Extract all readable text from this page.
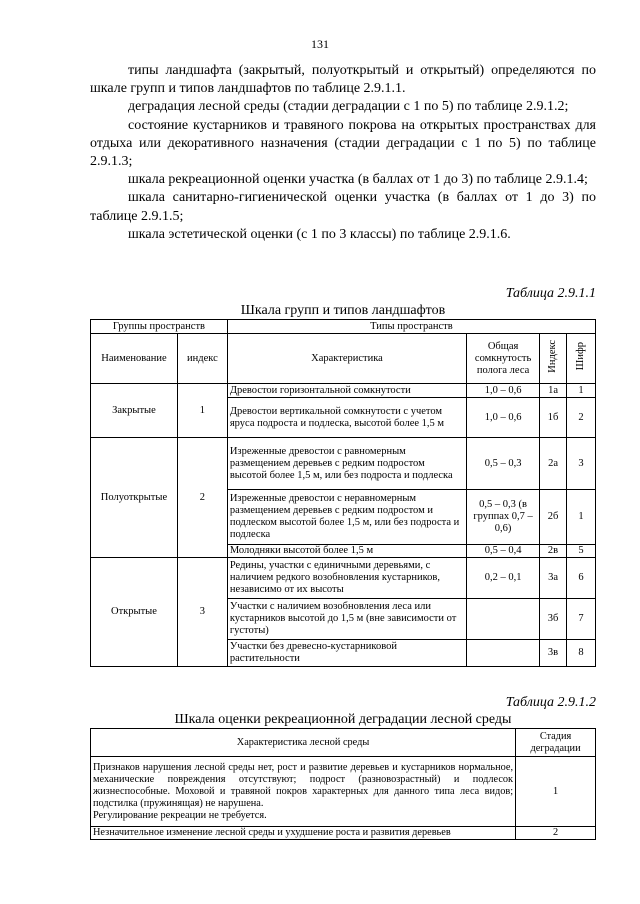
131

типы ландшафта (закрытый, полуоткрытый и открытый) определяются по шкале групп и типов ландшафтов по таблице 2.9.1.1.

деградация лесной среды (стадии деградации с 1 по 5) по таблице 2.9.1.2;

состояние кустарников и травяного покрова на открытых пространствах для отдыха или декоративного назначения (стадии деградации с 1 по 5) по таблице 2.9.1.3;

шкала рекреационной оценки участка (в баллах от 1 до 3) по таблице 2.9.1.4;

шкала санитарно-гигиенической оценки участка (в баллах от 1 до 3) по таблице 2.9.1.5;

шкала эстетической оценки (с 1 по 3 классы) по таблице 2.9.1.6.

Таблица 2.9.1.1
Шкала групп и типов ландшафтов
Группы пространств		Типы пространств			
Наименование	индекс	Характеристика	Общая сомкнутость полога леса	Индекс	Шифр
Закрытые	1	Древостои горизонтальной сомкнутости	1,0 – 0,6	1а	1
		Древостои вертикальной сомкнутости с учетом яруса подроста и подлеска, высотой более 1,5 м	1,0 – 0,6	1б	2
Полуоткрытые	2	Изреженные древостои с равномерным размещением деревьев с редким подростом высотой более 1,5 м, или без подроста и подлеска	0,5 – 0,3	2а	3
		Изреженные древостои с неравномерным размещением деревьев с редким подростом и подлеском высотой более 1,5 м, или без подроста и подлеска	0,5 – 0,3 (в группах 0,7 – 0,6)	2б	1
		Молодняки высотой более 1,5 м	0,5 – 0,4	2в	5
Открытые	3	Редины, участки с единичными деревьями, с наличием редкого возобновления кустарников, независимо от их высоты	0,2 – 0,1	3а	6
		Участки с наличием возобновления леса или кустарников высотой до 1,5 м (вне зависимости от густоты)		3б	7
		Участки без древесно-кустарниковой растительности		3в	8
Таблица 2.9.1.2
Шкала оценки рекреационной деградации лесной среды
Характеристика лесной среды	Стадия деградации

Признаков нарушения лесной среды нет, рост и развитие деревьев и кустарников нормальное, механические повреждения отсутствуют; подрост (разновозрастный) и подлесок жизнеспособные. Моховой и травяной покров характерных для данного типа леса видов; подстилка (пружинящая) не нарушена.
Регулирование рекреации не требуется.	1
Незначительное изменение лесной среды и ухудшение роста и развития деревьев	2
